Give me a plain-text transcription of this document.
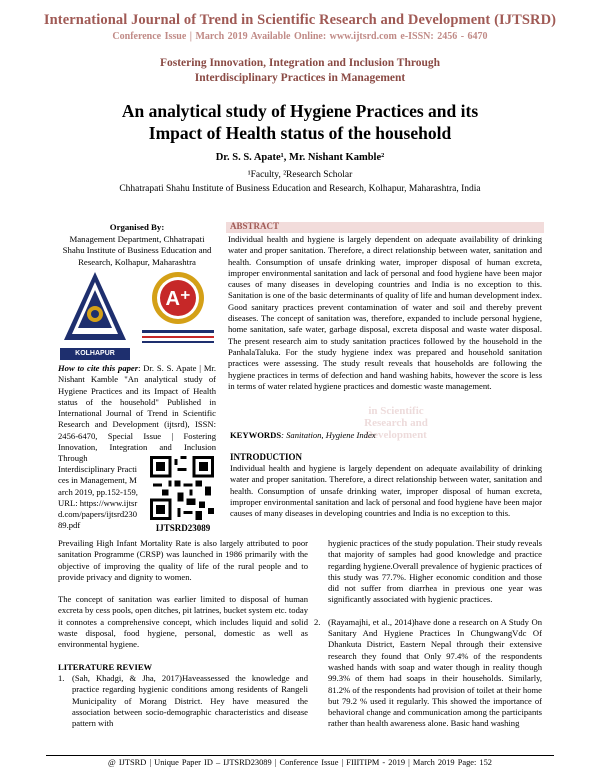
International Journal of Trend in Scientific Research and Development (IJTSRD)
Conference Issue | March 2019 Available Online: www.ijtsrd.com e-ISSN: 2456 - 6470
Fostering Innovation, Integration and Inclusion Through
Interdisciplinary Practices in Management
An analytical study of Hygiene Practices and its
Impact of Health status of the household
Dr. S. S. Apate¹, Mr. Nishant Kamble²
¹Faculty, ²Research Scholar
Chhatrapati Shahu Institute of Business Education and Research, Kolhapur, Maharashtra, India
Organised By:
Management Department, Chhatrapati Shahu Institute of Business Education and Research, Kolhapur, Maharashtra
KOLHAPUR
A⁺
How to cite this paper: Dr. S. S. Apate | Mr. Nishant Kamble "An analytical study of Hygiene Practices and its Impact of Health status of the household" Published in International Journal of Trend in Scientific Research and Development (ijtsrd), ISSN: 2456-6470, Special Issue | Fostering Innovation, Integration and Inclusion Through
Interdisciplinary Practices in Management, March 2019, pp.152-159, URL: https://www.ijtsrd.com/papers/ijtsrd23089.pdf	IJTSRD23089
ABSTRACT
Individual health and hygiene is largely dependent on adequate availability of drinking water and proper sanitation. Therefore, a direct relationship between water, sanitation and health. Consumption of unsafe drinking water, improper disposal of human excreta, improper environmental sanitation and lack of personal and food hygiene have been major causes of many diseases in developing countries and India is no exception to this. Sanitation is one of the basic determinants of quality of life and human development index. Good sanitary practices prevent contamination of water and soil and thereby prevent diseases. The concept of sanitation was, therefore, expanded to include personal hygiene, home sanitation, safe water, garbage disposal, excreta disposal and waste water disposal. The present research aim to study sanitation practices followed by the household in the PanhalaTaluka. For the study hygiene index was prepared and household sanitation practices were assessing. The study result reveals that households are following the hygiene practices in terms of defection and hand washing habits, however the score is less in terms of water related hygiene practices and domestic waste management.
in Scientific
Research and
Development
KEYWORDS: Sanitation, Hygiene Index
INTRODUCTION
Individual health and hygiene is largely dependent on adequate availability of drinking water and proper sanitation. Therefore, a direct relationship between water, sanitation and health. Consumption of unsafe drinking water, improper disposal of human excreta, improper environmental sanitation and lack of personal and food hygiene have been major causes of many diseases in developing countries and India is no exception to this.

Prevailing High Infant Mortality Rate is also largely attributed to poor sanitation Programme (CRSP) was launched in 1986 primarily with the objective of improving the quality of life of the rural people and to provide privacy and dignity to women.

The concept of sanitation was earlier limited to disposal of human excreta by cess pools, open ditches, pit latrines, bucket system etc. today it connotes a comprehensive concept, which includes liquid and solid waste disposal, food hygiene, personal, domestic as well as environmental hygiene.

LITERATURE REVIEW
1. (Sah, Khadgi, & Jha, 2017)Haveassessed the knowledge and practice regarding hygienic conditions among residents of Rangeli Municipality of Morang District. Hey have measured the association between socio-demographic characteristics and disease pattern with
hygienic practices of the study population. Their study reveals that majority of samples had good knowledge and practice regarding hygiene.Overall prevalence of hygienic practices of this study was 77.7%. Higher economic condition and those did not suffer from diarrhea in previous one year was significantly associated with hygienic practices.
2. (Rayamajhi, et al., 2014)have done a research on A Study On Sanitary And Hygiene Practices In ChungwangVdc Of Dhankuta District, Eastern Nepal through their extensive research they found that Only 97.4% of the respondents washed hands with soap and water though in reality though 99.3% of them had soaps in their households. Similarly, 81.2% of the respondents had provision of toilet at their home but 79.2 % used it regularly. This showed the importance of behavioral change and communication among the participants rather than health awareness alone. Basic hand washing
@ IJTSRD | Unique Paper ID – IJTSRD23089 | Conference Issue | FIIITIPM - 2019 | March 2019 Page: 152
